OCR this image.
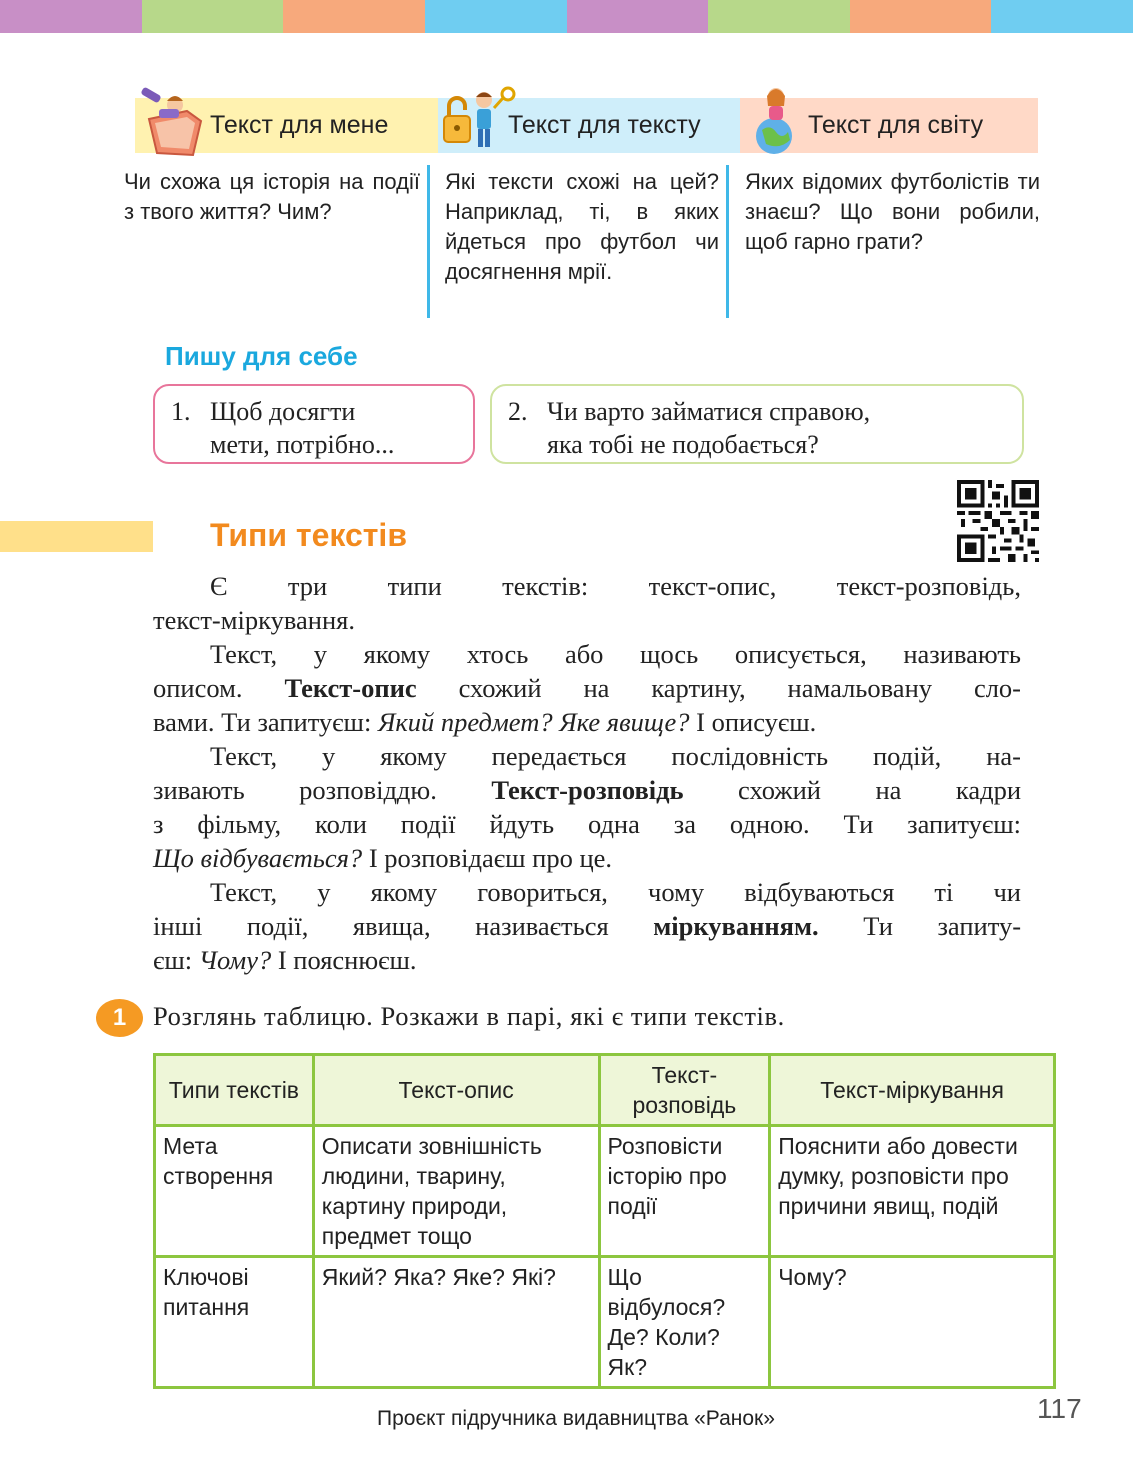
Текст для мене	Текст для тексту	Текст для світу
Чи схожа ця історія на події з твого життя? Чим?
Які тексти схожі на цей? Наприклад, ті, в яких йдеться про футбол чи досягнення мрії.
Яких відомих футболістів ти знаєш? Що вони робили, щоб гарно грати?
Пишу для себе
1. Щоб досягти
мети, потрібно...
2. Чи варто займатися справою,
яка тобі не подобається?
Типи текстів

Є три типи текстів: текст-опис, текст-розповідь,
текст-міркування.

Текст, у якому хтось або щось описується, називають
описом. Текст-опис схожий на картину, намальовану сло-
вами. Ти запитуєш: Який предмет? Яке явище? І описуєш.

Текст, у якому передається послідовність подій, на-
зивають розповіддю. Текст-розповідь схожий на кадри
з фільму, коли події йдуть одна за одною. Ти запитуєш:
Що відбувається? І розповідаєш про це.

Текст, у якому говориться, чому відбуваються ті чи
інші події, явища, називається міркуванням. Ти запиту-
єш: Чому? І пояснюєш.

1	Розглянь таблицю. Розкажи в парі, які є типи текстів.
Типи текстів	Текст-опис	Текст-розповідь	Текст-міркування
Мета створення	Описати зовнішність людини, тварину, картину природи, предмет тощо	Розповісти історію про події	Пояснити або довести думку, розповісти про причини явищ, подій
Ключові питання	Який? Яка? Яке? Які?	Що відбулося? Де? Коли? Як?	Чому?
Проєкт підручника видавництва «Ранок»	117
